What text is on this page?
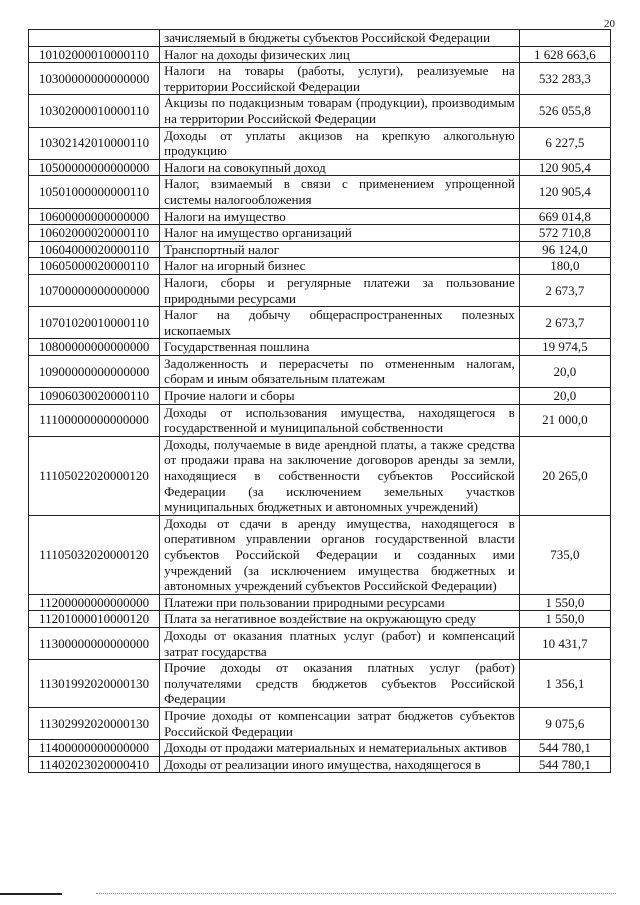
20
	зачисляемый в бюджеты субъектов Российской Федерации	
10102000010000110	Налог на доходы физических лиц	1 628 663,6
10300000000000000	Налоги на товары (работы, услуги), реализуемые на территории Российской Федерации	532 283,3
10302000010000110	Акцизы по подакцизным товарам (продукции), производимым на территории Российской Федерации	526 055,8
10302142010000110	Доходы от уплаты акцизов на крепкую алкогольную продукцию	6 227,5
10500000000000000	Налоги на совокупный доход	120 905,4
10501000000000110	Налог, взимаемый в связи с применением упрощенной системы налогообложения	120 905,4
10600000000000000	Налоги на имущество	669 014,8
10602000020000110	Налог на имущество организаций	572 710,8
10604000020000110	Транспортный налог	96 124,0
10605000020000110	Налог на игорный бизнес	180,0
10700000000000000	Налоги, сборы и регулярные платежи за пользование природными ресурсами	2 673,7
10701020010000110	Налог на добычу общераспространенных полезных ископаемых	2 673,7
10800000000000000	Государственная пошлина	19 974,5
10900000000000000	Задолженность и перерасчеты по отмененным налогам, сборам и иным обязательным платежам	20,0
10906030020000110	Прочие налоги и сборы	20,0
11100000000000000	Доходы от использования имущества, находящегося в государственной и муниципальной собственности	21 000,0
11105022020000120	Доходы, получаемые в виде арендной платы, а также средства от продажи права на заключение договоров аренды за земли, находящиеся в собственности субъектов Российской Федерации (за исключением земельных участков муниципальных бюджетных и автономных учреждений)	20 265,0
11105032020000120	Доходы от сдачи в аренду имущества, находящегося в оперативном управлении органов государственной власти субъектов Российской Федерации и созданных ими учреждений (за исключением имущества бюджетных и автономных учреждений субъектов Российской Федерации)	735,0
11200000000000000	Платежи при пользовании природными ресурсами	1 550,0
11201000010000120	Плата за негативное воздействие на окружающую среду	1 550,0
11300000000000000	Доходы от оказания платных услуг (работ) и компенсаций затрат государства	10 431,7
11301992020000130	Прочие доходы от оказания платных услуг (работ) получателями средств бюджетов субъектов Российской Федерации	1 356,1
11302992020000130	Прочие доходы от компенсации затрат бюджетов субъектов Российской Федерации	9 075,6
11400000000000000	Доходы от продажи материальных и нематериальных активов	544 780,1
11402023020000410	Доходы от реализации иного имущества, находящегося в	544 780,1
